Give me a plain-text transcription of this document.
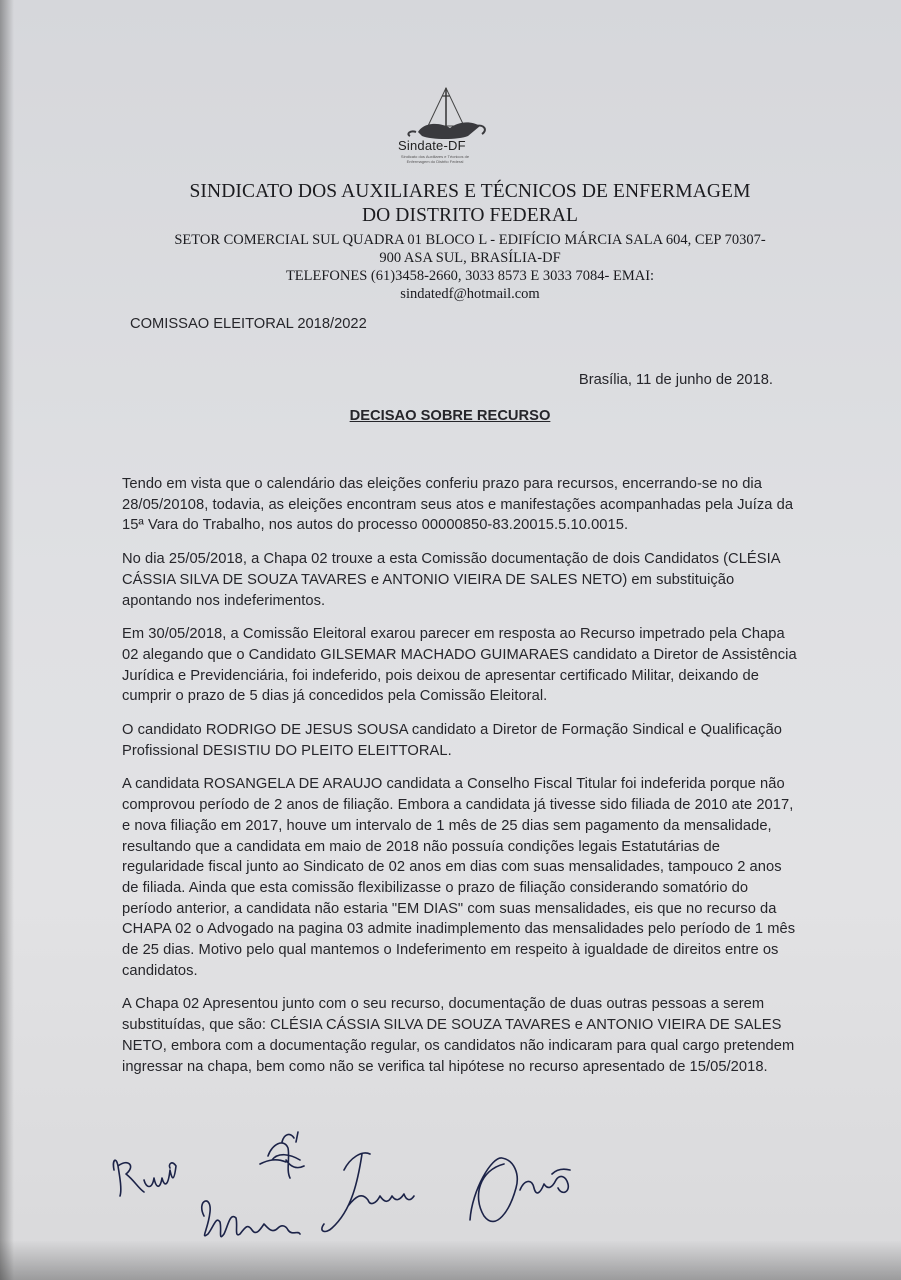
Sindate-DF
Sindicato dos Auxiliares e Técnicos de Enfermagem do Distrito Federal
SINDICATO DOS AUXILIARES E TÉCNICOS DE ENFERMAGEM
DO DISTRITO FEDERAL
SETOR COMERCIAL SUL QUADRA 01 BLOCO L - EDIFÍCIO MÁRCIA SALA 604, CEP 70307-
900 ASA SUL, BRASÍLIA-DF
TELEFONES (61)3458-2660, 3033 8573 E 3033 7084- EMAI:
sindatedf@hotmail.com
COMISSAO ELEITORAL 2018/2022
Brasília, 11 de junho de 2018.
DECISAO SOBRE RECURSO

Tendo em vista que o calendário das eleições conferiu prazo para recursos, encerrando-se no dia 28/05/20108, todavia, as eleições encontram seus atos e manifestações acompanhadas pela Juíza da 15ª Vara do Trabalho, nos autos do processo 00000850-83.20015.5.10.0015.

No dia 25/05/2018, a Chapa 02 trouxe a esta Comissão documentação de dois Candidatos (CLÉSIA CÁSSIA SILVA DE SOUZA TAVARES e ANTONIO VIEIRA DE SALES NETO) em substituição apontando nos indeferimentos.

Em 30/05/2018, a Comissão Eleitoral exarou parecer em resposta ao Recurso impetrado pela Chapa 02 alegando que o Candidato GILSEMAR MACHADO GUIMARAES candidato a Diretor de Assistência Jurídica e Previdenciária, foi indeferido, pois deixou de apresentar certificado Militar, deixando de cumprir o prazo de 5 dias já concedidos pela Comissão Eleitoral.

O candidato RODRIGO DE JESUS SOUSA candidato a Diretor de Formação Sindical e Qualificação Profissional DESISTIU DO PLEITO ELEITTORAL.

A candidata ROSANGELA DE ARAUJO candidata a Conselho Fiscal Titular foi indeferida porque não comprovou período de 2 anos de filiação. Embora a candidata já tivesse sido filiada de 2010 ate 2017, e nova filiação em 2017, houve um intervalo de 1 mês de 25 dias sem pagamento da mensalidade, resultando que a candidata em maio de 2018 não possuía condições legais Estatutárias de regularidade fiscal junto ao Sindicato de 02 anos em dias com suas mensalidades, tampouco 2 anos de filiada. Ainda que esta comissão flexibilizasse o prazo de filiação considerando somatório do período anterior, a candidata não estaria "EM DIAS" com suas mensalidades, eis que no recurso da CHAPA 02 o Advogado na pagina 03 admite inadimplemento das mensalidades pelo período de 1 mês de 25 dias. Motivo pelo qual mantemos o Indeferimento em respeito à igualdade de direitos entre os candidatos.

A Chapa 02 Apresentou junto com o seu recurso, documentação de duas outras pessoas a serem substituídas, que são: CLÉSIA CÁSSIA SILVA DE SOUZA TAVARES e ANTONIO VIEIRA DE SALES NETO, embora com a documentação regular, os candidatos não indicaram para qual cargo pretendem ingressar na chapa, bem como não se verifica tal hipótese no recurso apresentado de 15/05/2018.
